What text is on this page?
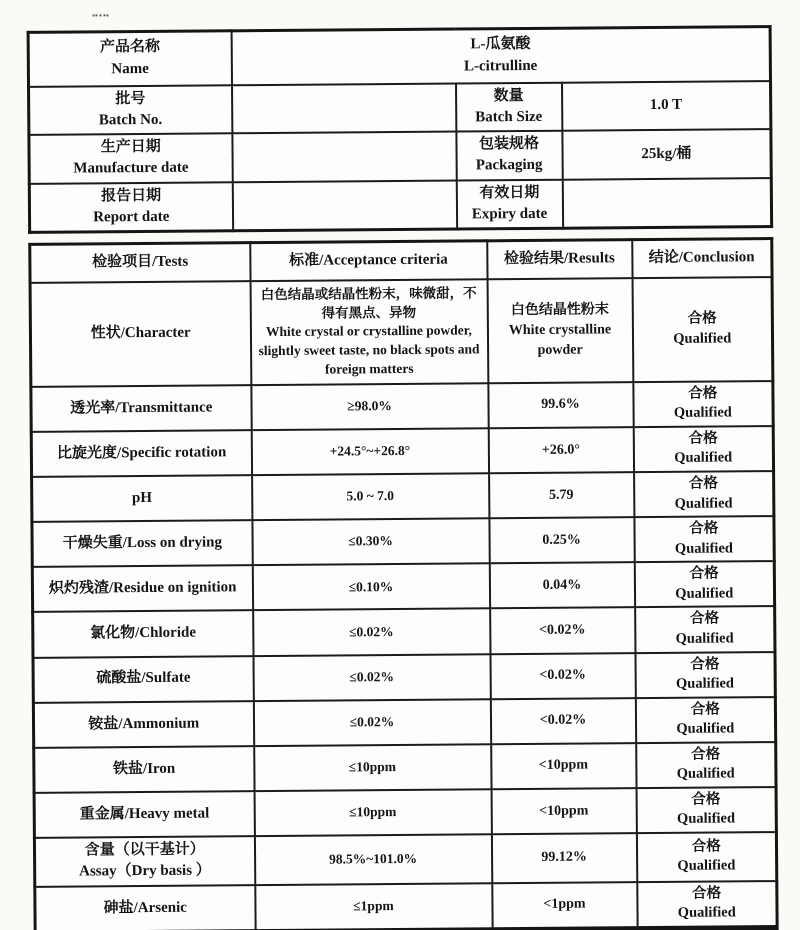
产品名称
Name	L-瓜氨酸
L-citrulline		
批号
Batch No.		数量
Batch Size	1.0 T
生产日期
Manufacture date		包装规格
Packaging	25kg/桶
报告日期
Report date		有效日期
Expiry date	
检验项目/Tests	标准/Acceptance criteria	检验结果/Results	结论/Conclusion
性状/Character	白色结晶或结晶性粉末，味微甜，不得有黑点、异物
White crystal or crystalline powder, slightly sweet taste, no black spots and foreign matters	白色结晶性粉末
White crystalline powder	合格
Qualified
透光率/Transmittance	≥98.0%	99.6%	合格
Qualified
比旋光度/Specific rotation	+24.5°~+26.8°	+26.0°	合格
Qualified
pH	5.0 ~ 7.0	5.79	合格
Qualified
干燥失重/Loss on drying	≤0.30%	0.25%	合格
Qualified
炽灼残渣/Residue on ignition	≤0.10%	0.04%	合格
Qualified
氯化物/Chloride	≤0.02%	<0.02%	合格
Qualified
硫酸盐/Sulfate	≤0.02%	<0.02%	合格
Qualified
铵盐/Ammonium	≤0.02%	<0.02%	合格
Qualified
铁盐/Iron	≤10ppm	<10ppm	合格
Qualified
重金属/Heavy metal	≤10ppm	<10ppm	合格
Qualified
含量（以干基计）
Assay（Dry basis ）	98.5%~101.0%	99.12%	合格
Qualified
砷盐/Arsenic	≤1ppm	<1ppm	合格
Qualified
